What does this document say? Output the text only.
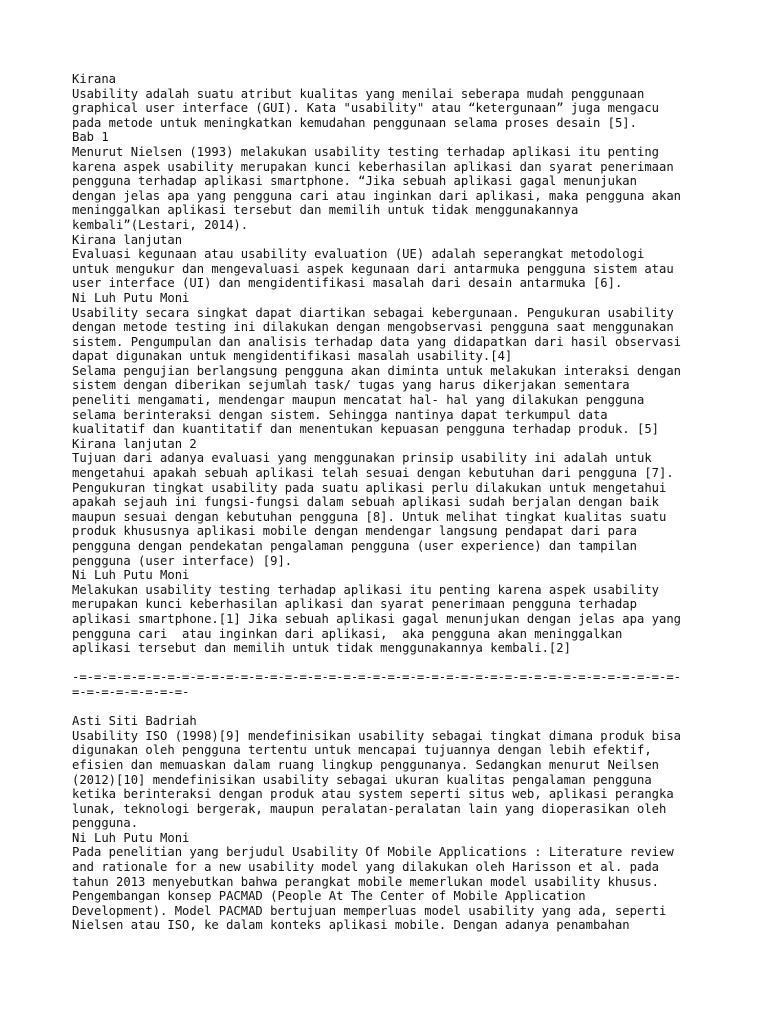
Kirana
Usability adalah suatu atribut kualitas yang menilai seberapa mudah penggunaan
graphical user interface (GUI). Kata "usability" atau “ketergunaan” juga mengacu
pada metode untuk meningkatkan kemudahan penggunaan selama proses desain [5].
Bab 1
Menurut Nielsen (1993) melakukan usability testing terhadap aplikasi itu penting
karena aspek usability merupakan kunci keberhasilan aplikasi dan syarat penerimaan
pengguna terhadap aplikasi smartphone. “Jika sebuah aplikasi gagal menunjukan
dengan jelas apa yang pengguna cari atau inginkan dari aplikasi, maka pengguna akan
meninggalkan aplikasi tersebut dan memilih untuk tidak menggunakannya
kembali”(Lestari, 2014).
Kirana lanjutan
Evaluasi kegunaan atau usability evaluation (UE) adalah seperangkat metodologi
untuk mengukur dan mengevaluasi aspek kegunaan dari antarmuka pengguna sistem atau
user interface (UI) dan mengidentifikasi masalah dari desain antarmuka [6].
Ni Luh Putu Moni
Usability secara singkat dapat diartikan sebagai kebergunaan. Pengukuran usability
dengan metode testing ini dilakukan dengan mengobservasi pengguna saat menggunakan
sistem. Pengumpulan dan analisis terhadap data yang didapatkan dari hasil observasi
dapat digunakan untuk mengidentifikasi masalah usability.[4]
Selama pengujian berlangsung pengguna akan diminta untuk melakukan interaksi dengan
sistem dengan diberikan sejumlah task/ tugas yang harus dikerjakan sementara
peneliti mengamati, mendengar maupun mencatat hal- hal yang dilakukan pengguna
selama berinteraksi dengan sistem. Sehingga nantinya dapat terkumpul data
kualitatif dan kuantitatif dan menentukan kepuasan pengguna terhadap produk. [5]
Kirana lanjutan 2
Tujuan dari adanya evaluasi yang menggunakan prinsip usability ini adalah untuk
mengetahui apakah sebuah aplikasi telah sesuai dengan kebutuhan dari pengguna [7].
Pengukuran tingkat usability pada suatu aplikasi perlu dilakukan untuk mengetahui
apakah sejauh ini fungsi-fungsi dalam sebuah aplikasi sudah berjalan dengan baik
maupun sesuai dengan kebutuhan pengguna [8]. Untuk melihat tingkat kualitas suatu
produk khususnya aplikasi mobile dengan mendengar langsung pendapat dari para
pengguna dengan pendekatan pengalaman pengguna (user experience) dan tampilan
pengguna (user interface) [9].
Ni Luh Putu Moni
Melakukan usability testing terhadap aplikasi itu penting karena aspek usability
merupakan kunci keberhasilan aplikasi dan syarat penerimaan pengguna terhadap
aplikasi smartphone.[1] Jika sebuah aplikasi gagal menunjukan dengan jelas apa yang
pengguna cari  atau inginkan dari aplikasi,  aka pengguna akan meninggalkan
aplikasi tersebut dan memilih untuk tidak menggunakannya kembali.[2]
-=-=-=-=-=-=-=-=-=-=-=-=-=-=-=-=-=-=-=-=-=-=-=-=-=-=-=-=-=-=-=-=-=-=-=-=-=-=-=-=-=-
=-=-=-=-=-=-=-=-
Asti Siti Badriah
Usability ISO (1998)[9] mendefinisikan usability sebagai tingkat dimana produk bisa
digunakan oleh pengguna tertentu untuk mencapai tujuannya dengan lebih efektif,
efisien dan memuaskan dalam ruang lingkup penggunanya. Sedangkan menurut Neilsen
(2012)[10] mendefinisikan usability sebagai ukuran kualitas pengalaman pengguna
ketika berinteraksi dengan produk atau system seperti situs web, aplikasi perangka
lunak, teknologi bergerak, maupun peralatan-peralatan lain yang dioperasikan oleh
pengguna.
Ni Luh Putu Moni
Pada penelitian yang berjudul Usability Of Mobile Applications : Literature review
and rationale for a new usability model yang dilakukan oleh Harisson et al. pada
tahun 2013 menyebutkan bahwa perangkat mobile memerlukan model usability khusus.
Pengembangan konsep PACMAD (People At The Center of Mobile Application
Development). Model PACMAD bertujuan memperluas model usability yang ada, seperti
Nielsen atau ISO, ke dalam konteks aplikasi mobile. Dengan adanya penambahan
